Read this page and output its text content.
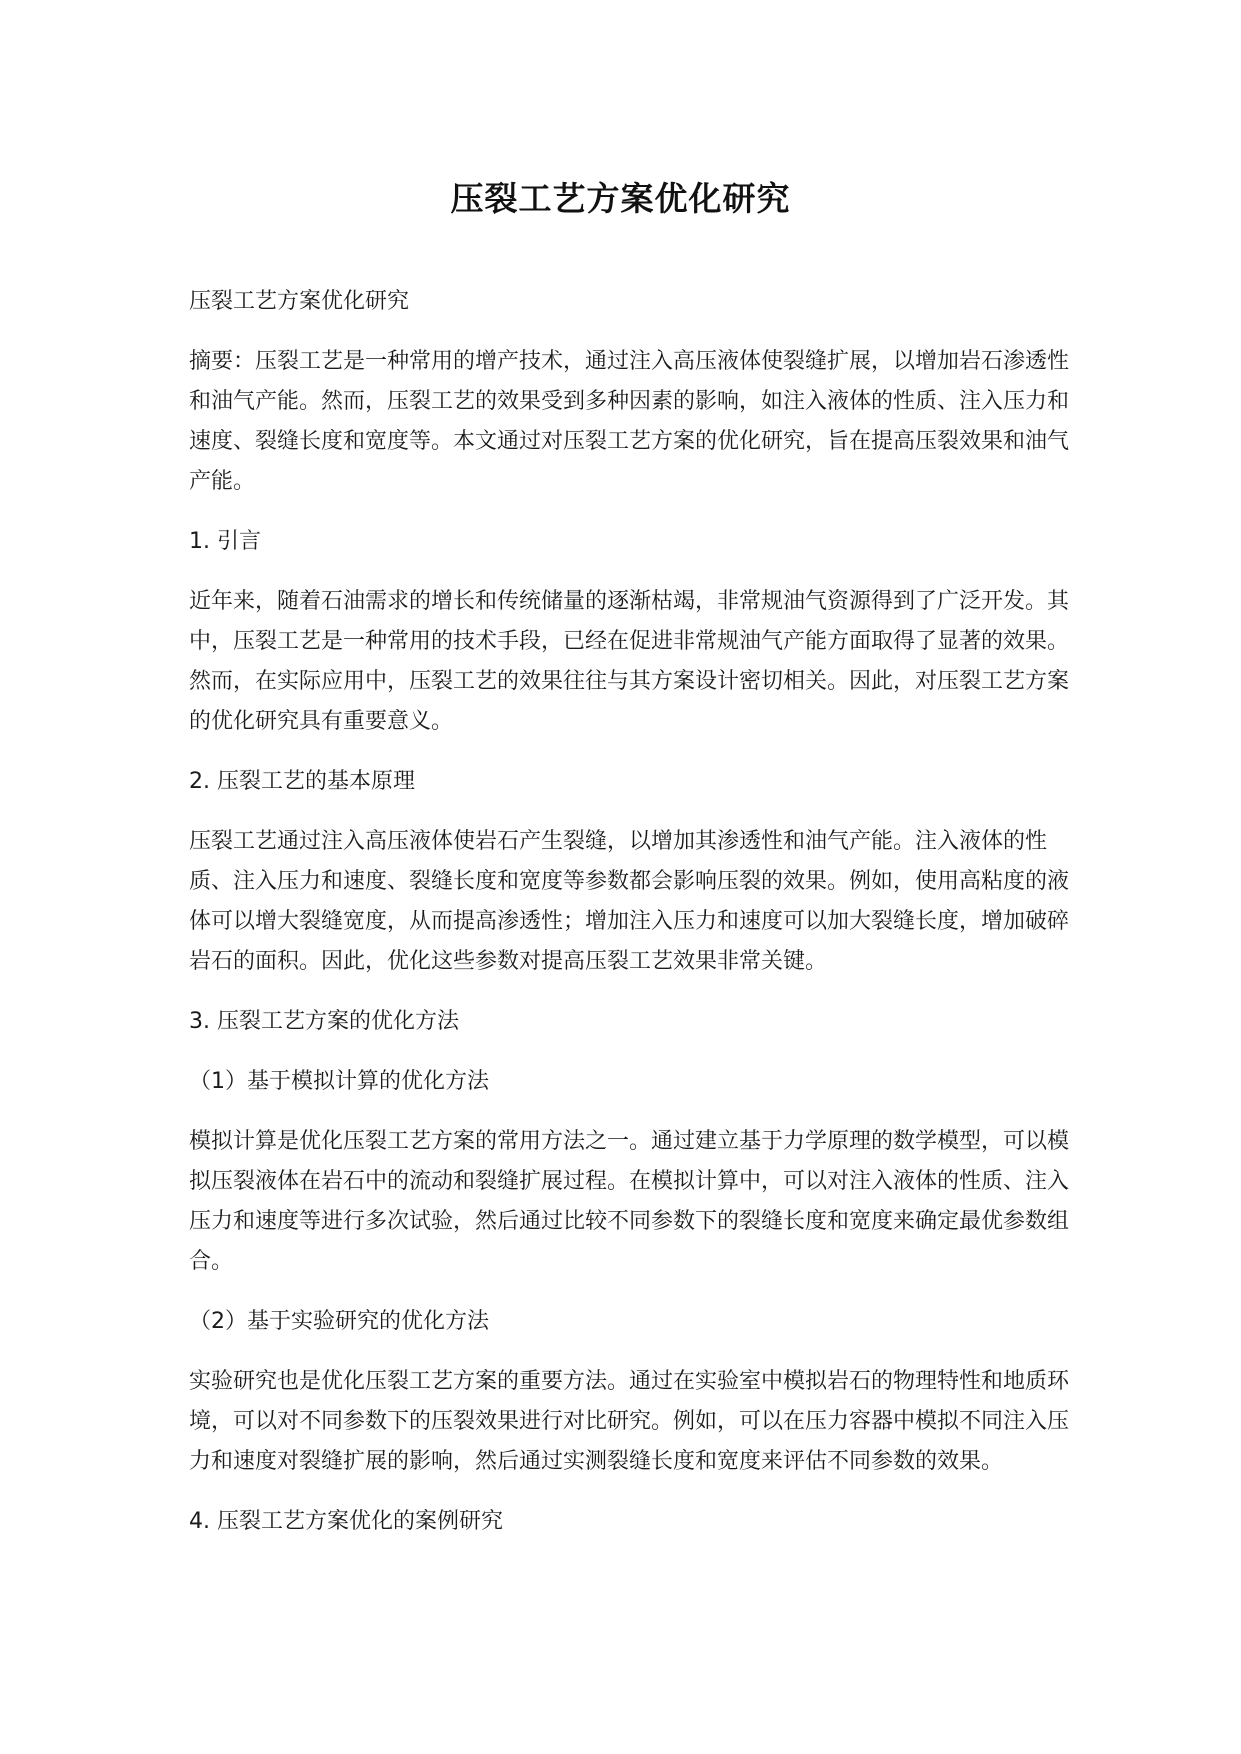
压裂工艺方案优化研究

压裂工艺方案优化研究

摘要：压裂工艺是一种常用的增产技术，通过注入高压液体使裂缝扩展，以增加岩石渗透性和油气产能。然而，压裂工艺的效果受到多种因素的影响，如注入液体的性质、注入压力和速度、裂缝长度和宽度等。本文通过对压裂工艺方案的优化研究，旨在提高压裂效果和油气产能。

1. 引言

近年来，随着石油需求的增长和传统储量的逐渐枯竭，非常规油气资源得到了广泛开发。其中，压裂工艺是一种常用的技术手段，已经在促进非常规油气产能方面取得了显著的效果。然而，在实际应用中，压裂工艺的效果往往与其方案设计密切相关。因此，对压裂工艺方案的优化研究具有重要意义。

2. 压裂工艺的基本原理

压裂工艺通过注入高压液体使岩石产生裂缝，以增加其渗透性和油气产能。注入液体的性质、注入压力和速度、裂缝长度和宽度等参数都会影响压裂的效果。例如，使用高粘度的液体可以增大裂缝宽度，从而提高渗透性；增加注入压力和速度可以加大裂缝长度，增加破碎岩石的面积。因此，优化这些参数对提高压裂工艺效果非常关键。

3. 压裂工艺方案的优化方法

（1）基于模拟计算的优化方法

模拟计算是优化压裂工艺方案的常用方法之一。通过建立基于力学原理的数学模型，可以模拟压裂液体在岩石中的流动和裂缝扩展过程。在模拟计算中，可以对注入液体的性质、注入压力和速度等进行多次试验，然后通过比较不同参数下的裂缝长度和宽度来确定最优参数组合。

（2）基于实验研究的优化方法

实验研究也是优化压裂工艺方案的重要方法。通过在实验室中模拟岩石的物理特性和地质环境，可以对不同参数下的压裂效果进行对比研究。例如，可以在压力容器中模拟不同注入压力和速度对裂缝扩展的影响，然后通过实测裂缝长度和宽度来评估不同参数的效果。

4. 压裂工艺方案优化的案例研究
